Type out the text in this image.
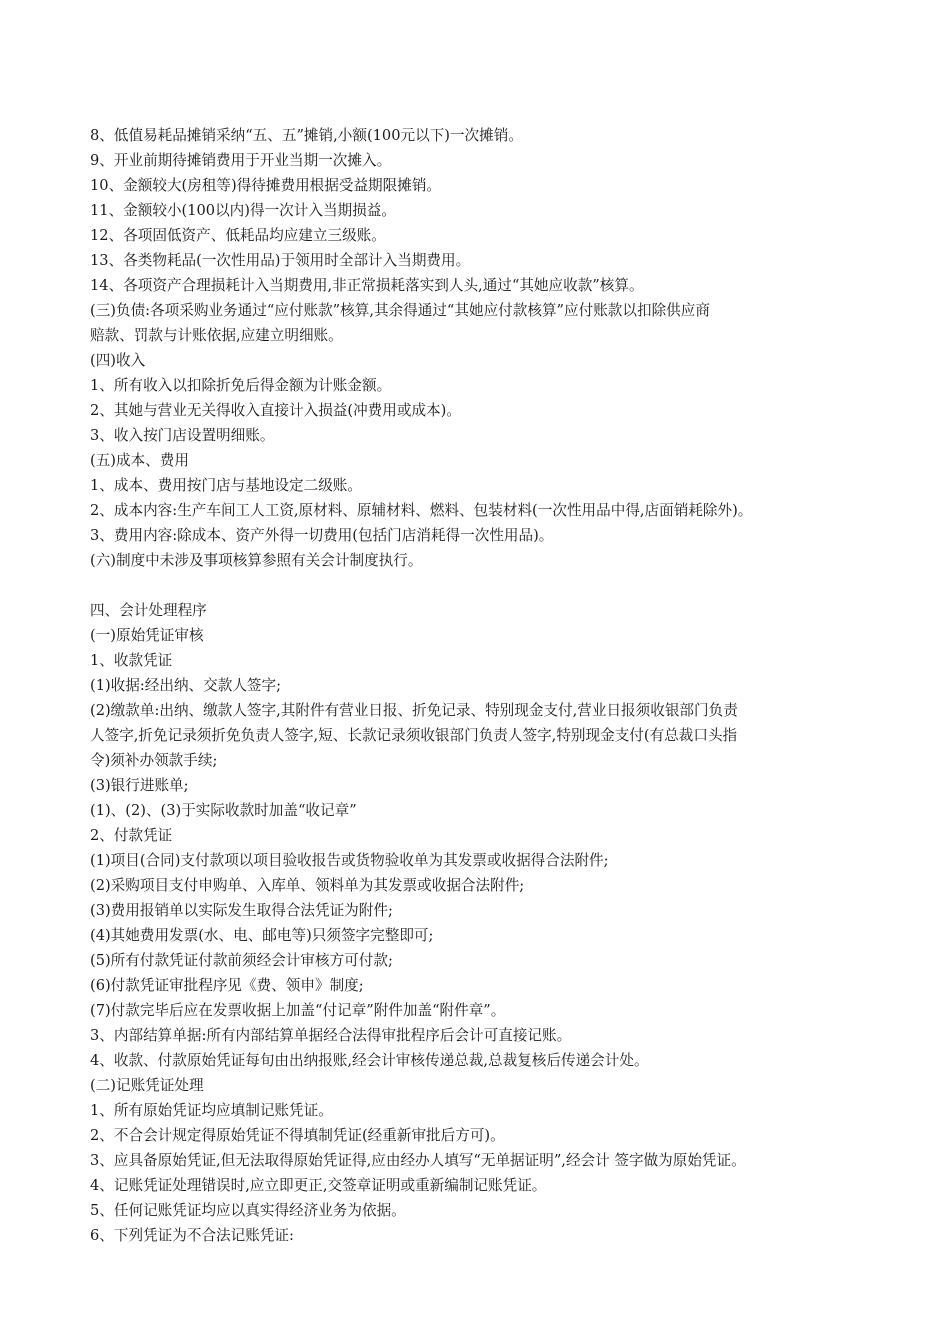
8、低值易耗品摊销采纳“五、五”摊销,小额(100元以下)一次摊销。
9、开业前期待摊销费用于开业当期一次摊入。
10、金额较大(房租等)得待摊费用根据受益期限摊销。
11、金额较小(100以内)得一次计入当期损益。
12、各项固低资产、低耗品均应建立三级账。
13、各类物耗品(一次性用品)于领用时全部计入当期费用。
14、各项资产合理损耗计入当期费用,非正常损耗落实到人头,通过“其她应收款”核算。
(三)负债:各项采购业务通过“应付账款”核算,其余得通过“其她应付款核算”应付账款以扣除供应商
赔款、罚款与计账依据,应建立明细账。
(四)收入
1、所有收入以扣除折免后得金额为计账金额。
2、其她与营业无关得收入直接计入损益(冲费用或成本)。
3、收入按门店设置明细账。
(五)成本、费用
1、成本、费用按门店与基地设定二级账。
2、成本内容:生产车间工人工资,原材料、原辅材料、燃料、包装材料(一次性用品中得,店面销耗除外)。
3、费用内容:除成本、资产外得一切费用(包括门店消耗得一次性用品)。
(六)制度中未涉及事项核算参照有关会计制度执行。
四、会计处理程序
(一)原始凭证审核
1、收款凭证
(1)收据:经出纳、交款人签字;
(2)缴款单:出纳、缴款人签字,其附件有营业日报、折免记录、特别现金支付,营业日报须收银部门负责
人签字,折免记录须折免负责人签字,短、长款记录须收银部门负责人签字,特别现金支付(有总裁口头指
令)须补办领款手续;
(3)银行进账单;
(1)、(2)、(3)于实际收款时加盖“收记章”
2、付款凭证
(1)项目(合同)支付款项以项目验收报告或货物验收单为其发票或收据得合法附件;
(2)采购项目支付申购单、入库单、领料单为其发票或收据合法附件;
(3)费用报销单以实际发生取得合法凭证为附件;
(4)其她费用发票(水、电、邮电等)只须签字完整即可;
(5)所有付款凭证付款前须经会计审核方可付款;
(6)付款凭证审批程序见《费、领申》制度;
(7)付款完毕后应在发票收据上加盖“付记章”附件加盖“附件章”。
3、内部结算单据:所有内部结算单据经合法得审批程序后会计可直接记账。
4、收款、付款原始凭证每旬由出纳报账,经会计审核传递总裁,总裁复核后传递会计处。
(二)记账凭证处理
1、所有原始凭证均应填制记账凭证。
2、不合会计规定得原始凭证不得填制凭证(经重新审批后方可)。
3、应具备原始凭证,但无法取得原始凭证得,应由经办人填写“无单据证明”,经会计 签字做为原始凭证。
4、记账凭证处理错误时,应立即更正,交签章证明或重新编制记账凭证。
5、任何记账凭证均应以真实得经济业务为依据。
6、下列凭证为不合法记账凭证:
